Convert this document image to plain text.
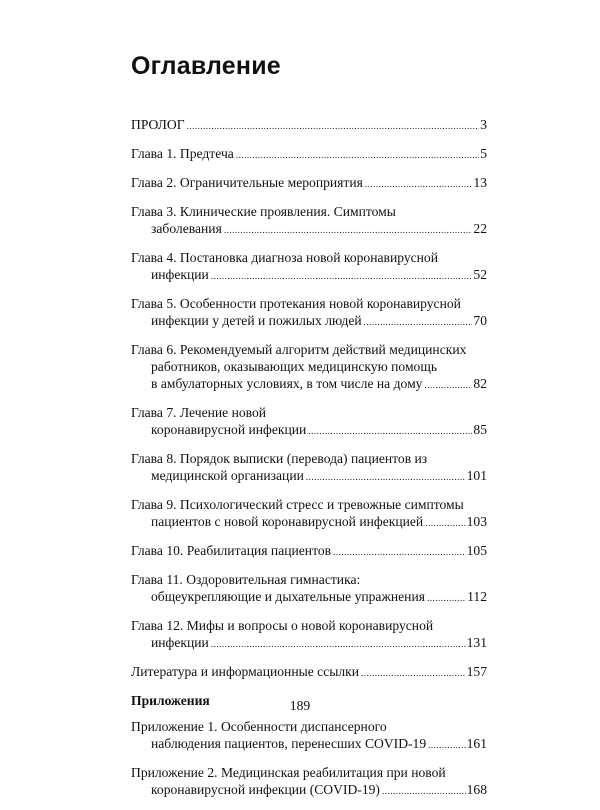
Оглавление
ПРОЛОГ .....	3
Глава 1. Предтеча .....	5
Глава 2. Ограничительные мероприятия .....	13
Глава 3. Клинические проявления. Симптомы
заболевания .....	22
Глава 4. Постановка диагноза новой коронавирусной
инфекции .....	52
Глава 5. Особенности протекания новой коронавирусной
инфекции у детей и пожилых людей .....	70
Глава 6. Рекомендуемый алгоритм действий медицинских
работников, оказывающих медицинскую помощь
в амбулаторных условиях, в том числе на дому .....	82
Глава 7. Лечение новой
коронавирусной инфекции .....	85
Глава 8. Порядок выписки (перевода) пациентов из
медицинской организации .....	101
Глава 9. Психологический стресс и тревожные симптомы
пациентов с новой коронавирусной инфекцией .....	103
Глава 10. Реабилитация пациентов .....	105
Глава 11. Оздоровительная гимнастика:
общеукрепляющие и дыхательные упражнения .....	112
Глава 12. Мифы и вопросы о новой коронавирусной
инфекции .....	131
Литература и информационные ссылки .....	157
Приложения
Приложение 1. Особенности диспансерного
наблюдения пациентов, перенесших COVID-19 .....	161
Приложение 2. Медицинская реабилитация при новой
коронавирусной инфекции (COVID-19) .....	168
189
